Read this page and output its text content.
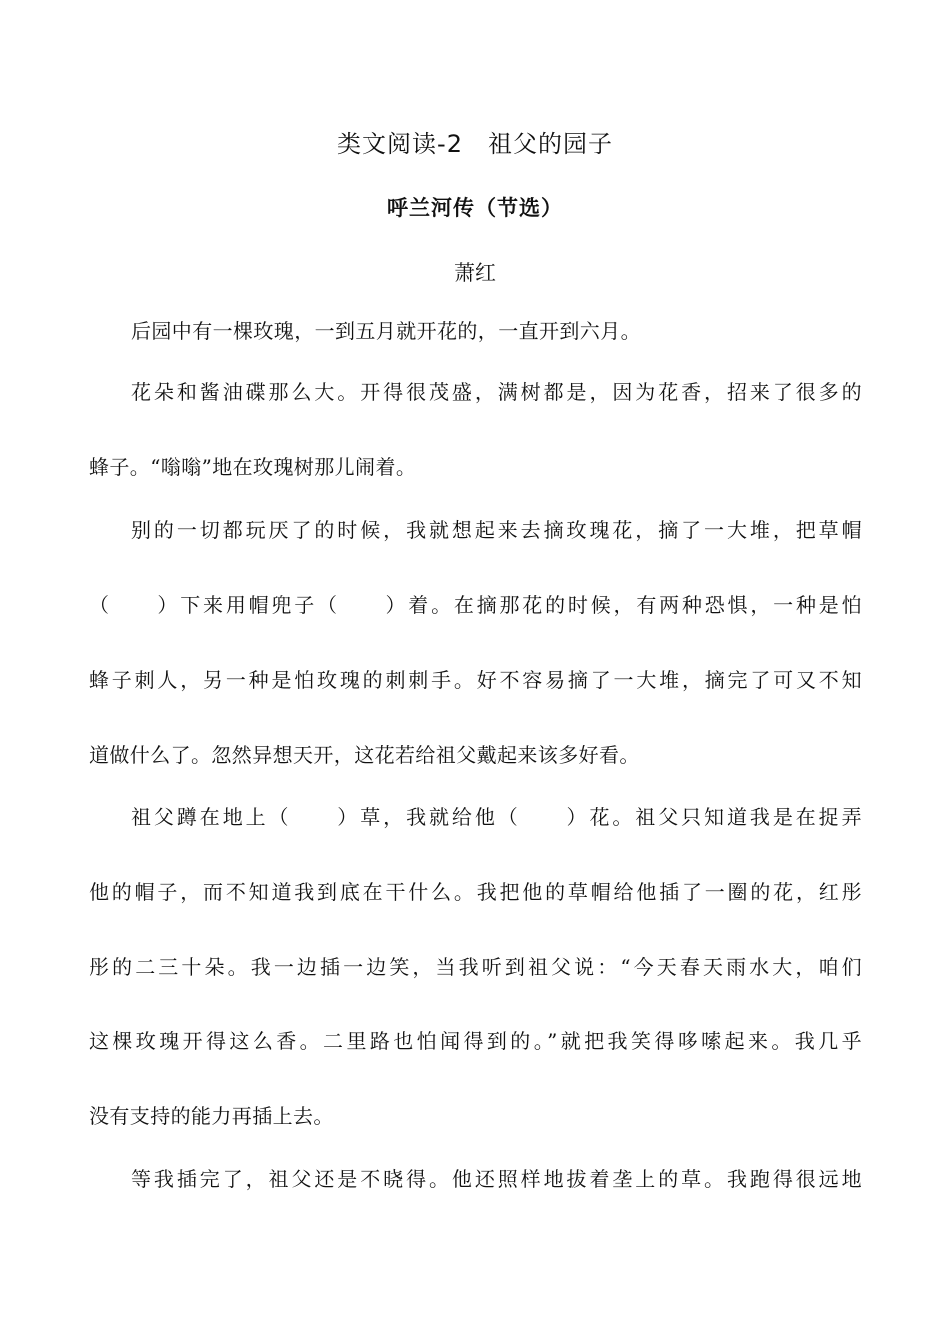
类文阅读-2　祖父的园子
呼兰河传（节选）
萧红
后园中有一棵玫瑰，一到五月就开花的，一直开到六月。
花朵和酱油碟那么大。开得很茂盛，满树都是，因为花香，招来了很多的
蜂子。“嗡嗡”地在玫瑰树那儿闹着。
别的一切都玩厌了的时候，我就想起来去摘玫瑰花，摘了一大堆，把草帽
（　　）下来用帽兜子（　　）着。在摘那花的时候，有两种恐惧，一种是怕
蜂子刺人，另一种是怕玫瑰的刺刺手。好不容易摘了一大堆，摘完了可又不知
道做什么了。忽然异想天开，这花若给祖父戴起来该多好看。
祖父蹲在地上（　　）草，我就给他（　　）花。祖父只知道我是在捉弄
他的帽子，而不知道我到底在干什么。我把他的草帽给他插了一圈的花，红彤
彤的二三十朵。我一边插一边笑，当我听到祖父说：“今天春天雨水大，咱们
这棵玫瑰开得这么香。二里路也怕闻得到的。”就把我笑得哆嗦起来。我几乎
没有支持的能力再插上去。
等我插完了，祖父还是不晓得。他还照样地拔着垄上的草。我跑得很远地
